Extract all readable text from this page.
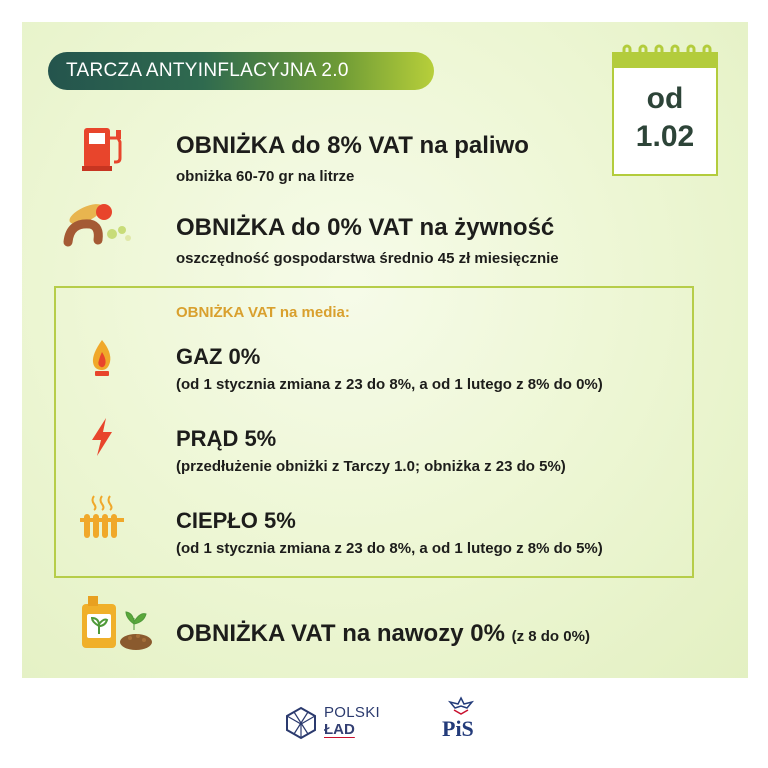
TARCZA ANTYINFLACYJNA 2.0
od
1.02
OBNIŻKA do 8% VAT na paliwo
obniżka 60-70 gr na litrze
OBNIŻKA do 0% VAT na żywność
oszczędność gospodarstwa średnio 45 zł miesięcznie
OBNIŻKA VAT na media:
GAZ 0%
(od 1 stycznia zmiana z 23 do 8%, a od 1 lutego z 8% do 0%)
PRĄD 5%
(przedłużenie obniżki z Tarczy 1.0; obniżka z 23 do 5%)
CIEPŁO 5%
(od 1 stycznia zmiana z 23 do 8%, a od 1 lutego z 8% do 5%)
OBNIŻKA VAT na nawozy 0% (z 8 do 0%)
POLSKI
ŁAD	PiS
